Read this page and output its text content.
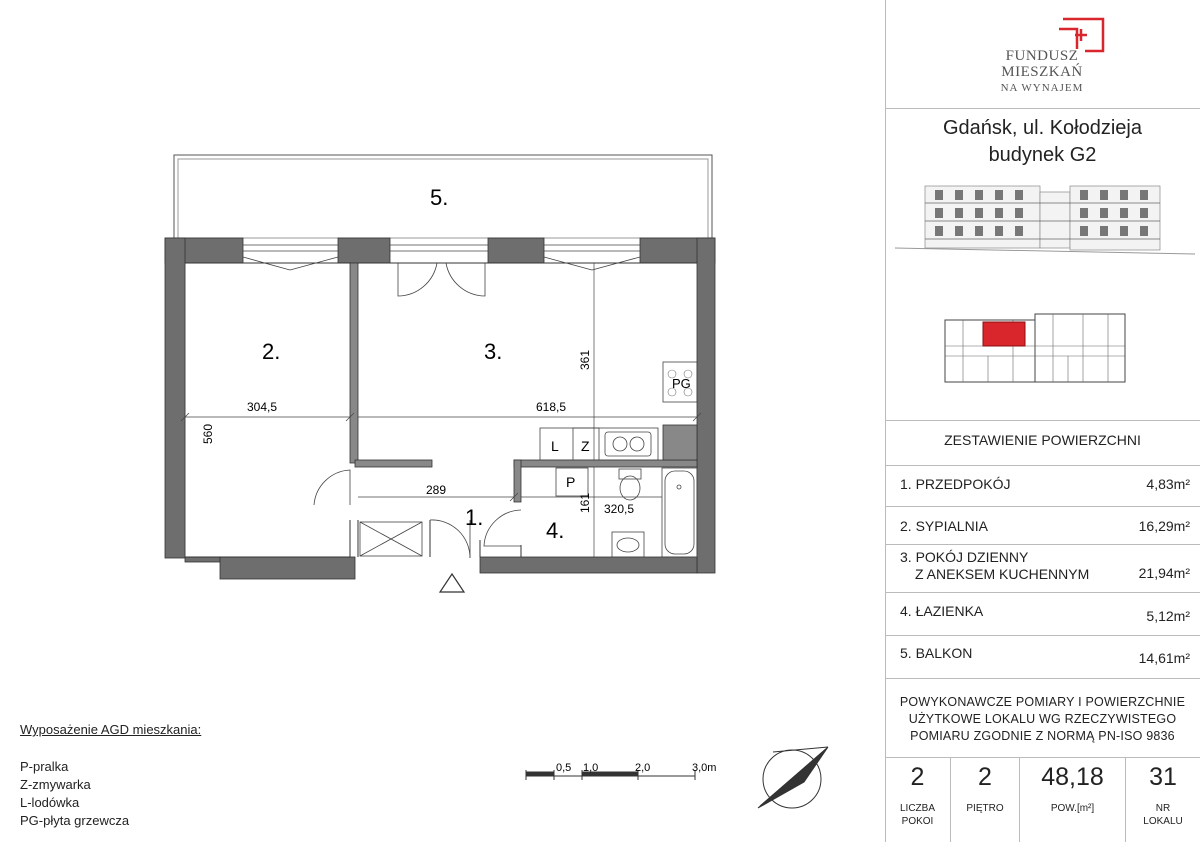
5.
L Z
PG
P
304,5	618,5
560
361
289
161 320,5
2.	3.
1.
4.
0,5 1,0	2,0	3,0m
Wyposażenie AGD mieszkania:
P-pralka
Z-zmywarka
L-lodówka
PG-płyta grzewcza
FUNDUSZ
MIESZKAŃ
NA WYNAJEM
Gdańsk, ul. Kołodzieja
budynek G2
ZESTAWIENIE POWIERZCHNI
1. PRZEDPOKÓJ	4,83m²
2. SYPIALNIA	16,29m²
3. POKÓJ DZIENNY
Z ANEKSEM KUCHENNYM	21,94m²
4. ŁAZIENKA	5,12m²
5. BALKON	14,61m²
POWYKONAWCZE POMIARY I POWIERZCHNIE
UŻYTKOWE LOKALU WG RZECZYWISTEGO
POMIARU ZGODNIE Z NORMĄ PN-ISO 9836
2
LICZBA
POKOI
2
PIĘTRO
48,18
POW.[m²]
31
NR
LOKALU
